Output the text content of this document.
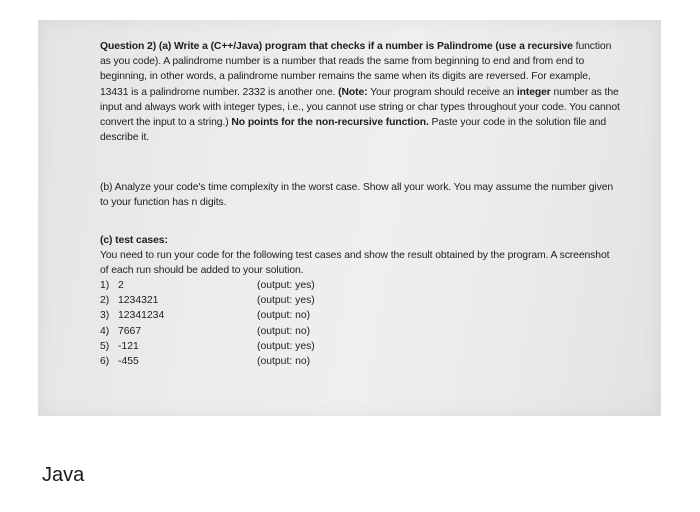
Question 2) (a) Write a (C++/Java) program that checks if a number is Palindrome (use a recursive function as you code). A palindrome number is a number that reads the same from beginning to end and from end to beginning, in other words, a palindrome number remains the same when its digits are reversed. For example, 13431 is a palindrome number. 2332 is another one. (Note: Your program should receive an integer number as the input and always work with integer types, i.e., you cannot use string or char types throughout your code. You cannot convert the input to a string.) No points for the non-recursive function. Paste your code in the solution file and describe it.
(b) Analyze your code's time complexity in the worst case. Show all your work. You may assume the number given to your function has n digits.
(c) test cases:
You need to run your code for the following test cases and show the result obtained by the program. A screenshot of each run should be added to your solution.
1) 2	(output: yes)
2) 1234321	(output: yes)
3) 12341234	(output: no)
4) 7667	(output: no)
5) -121	(output: yes)
6) -455	(output: no)
Java
